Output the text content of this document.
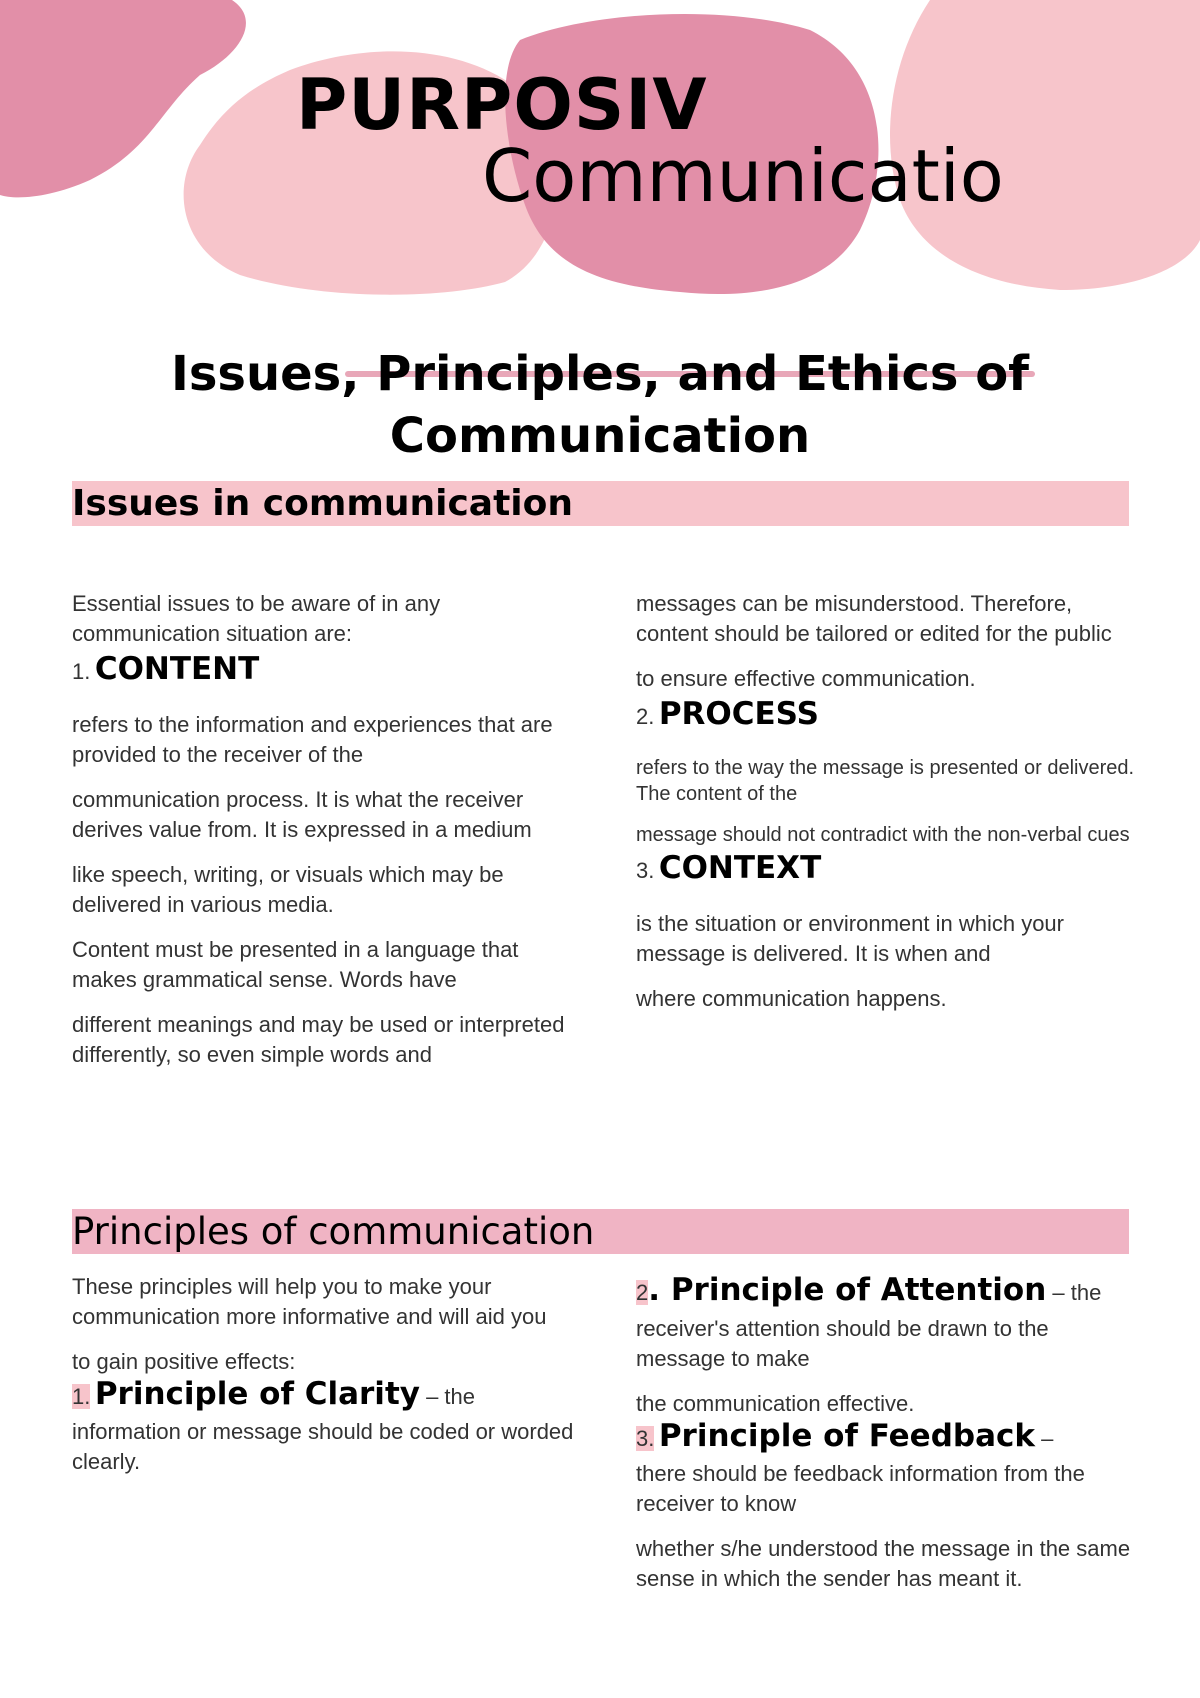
PURPOSIV
Communicatio
Issues, Principles, and Ethics of Communication
Issues in communication

Essential issues to be aware of in any communication situation are:

1. CONTENT

refers to the information and experiences that are provided to the receiver of the

communication process. It is what the receiver derives value from. It is expressed in a medium

like speech, writing, or visuals which may be delivered in various media.

Content must be presented in a language that makes grammatical sense. Words have

different meanings and may be used or interpreted differently, so even simple words and

messages can be misunderstood. Therefore, content should be tailored or edited for the public

to ensure effective communication.

2. PROCESS

refers to the way the message is presented or delivered. The content of the

message should not contradict with the non-verbal cues

3. CONTEXT

is the situation or environment in which your message is delivered. It is when and

where communication happens.

Principles of communication

These principles will help you to make your communication more informative and will aid you

to gain positive effects:

1. Principle of Clarity – the

information or message should be coded or worded clearly.

2. Principle of Attention – the

receiver's attention should be drawn to the message to make

the communication effective.

3. Principle of Feedback –

there should be feedback information from the receiver to know

whether s/he understood the message in the same sense in which the sender has meant it.
